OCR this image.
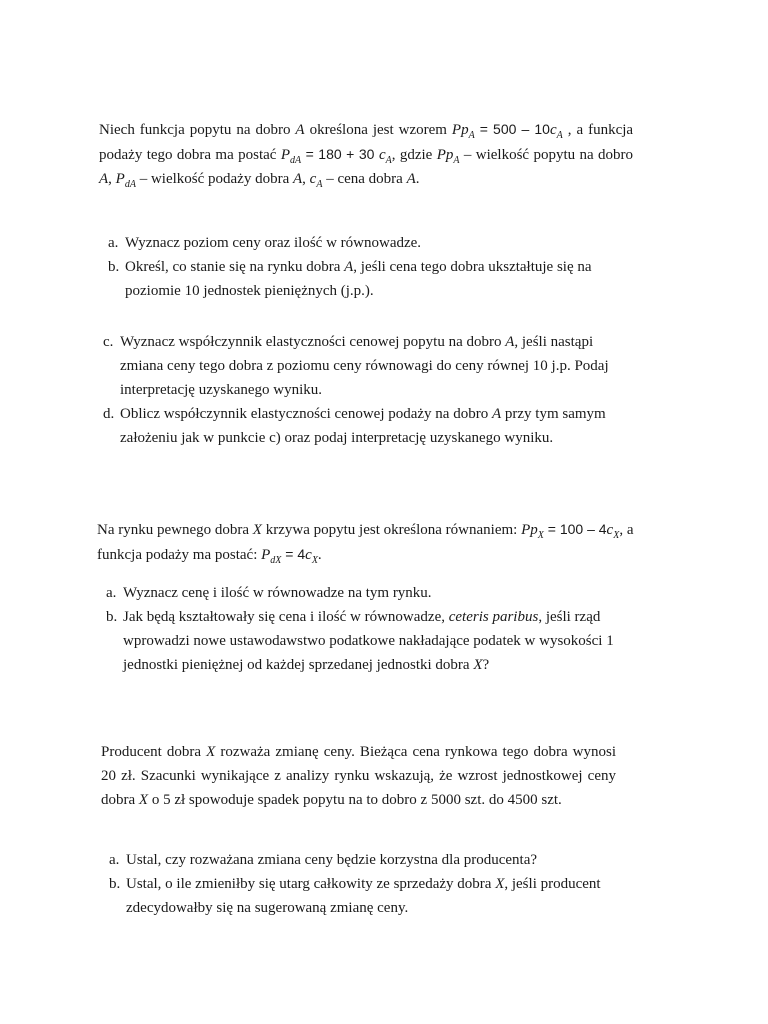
Niech funkcja popytu na dobro A określona jest wzorem $Pp_A = 500 - 10c_A$ , a funkcja podaży tego dobra ma postać $P_{dA} = 180 + 30$ $c_A$, gdzie $Pp_A$ – wielkość popytu na dobro A, $P_{dA}$ – wielkość podaży dobra A, $c_A$ – cena dobra A.

a. Wyznacz poziom ceny oraz ilość w równowadze.
b. Określ, co stanie się na rynku dobra A, jeśli cena tego dobra ukształtuje się na poziomie 10 jednostek pieniężnych (j.p.).
c. Wyznacz współczynnik elastyczności cenowej popytu na dobro A, jeśli nastąpi zmiana ceny tego dobra z poziomu ceny równowagi do ceny równej 10 j.p. Podaj interpretację uzyskanego wyniku.
d. Oblicz współczynnik elastyczności cenowej podaży na dobro A przy tym samym założeniu jak w punkcie c) oraz podaj interpretację uzyskanego wyniku.

Na rynku pewnego dobra X krzywa popytu jest określona równaniem: $Pp_X = 100 - 4c_X$, a funkcja podaży ma postać: $P_{dX} = 4c_X$.

a. Wyznacz cenę i ilość w równowadze na tym rynku.
b. Jak będą kształtowały się cena i ilość w równowadze, ceteris paribus, jeśli rząd wprowadzi nowe ustawodawstwo podatkowe nakładające podatek w wysokości 1 jednostki pieniężnej od każdej sprzedanej jednostki dobra X?

Producent dobra X rozważa zmianę ceny. Bieżąca cena rynkowa tego dobra wynosi 20 zł. Szacunki wynikające z analizy rynku wskazują, że wzrost jednostkowej ceny dobra X o 5 zł spowoduje spadek popytu na to dobro z 5000 szt. do 4500 szt.

a. Ustal, czy rozważana zmiana ceny będzie korzystna dla producenta?
b. Ustal, o ile zmieniłby się utarg całkowity ze sprzedaży dobra X, jeśli producent zdecydowałby się na sugerowaną zmianę ceny.
